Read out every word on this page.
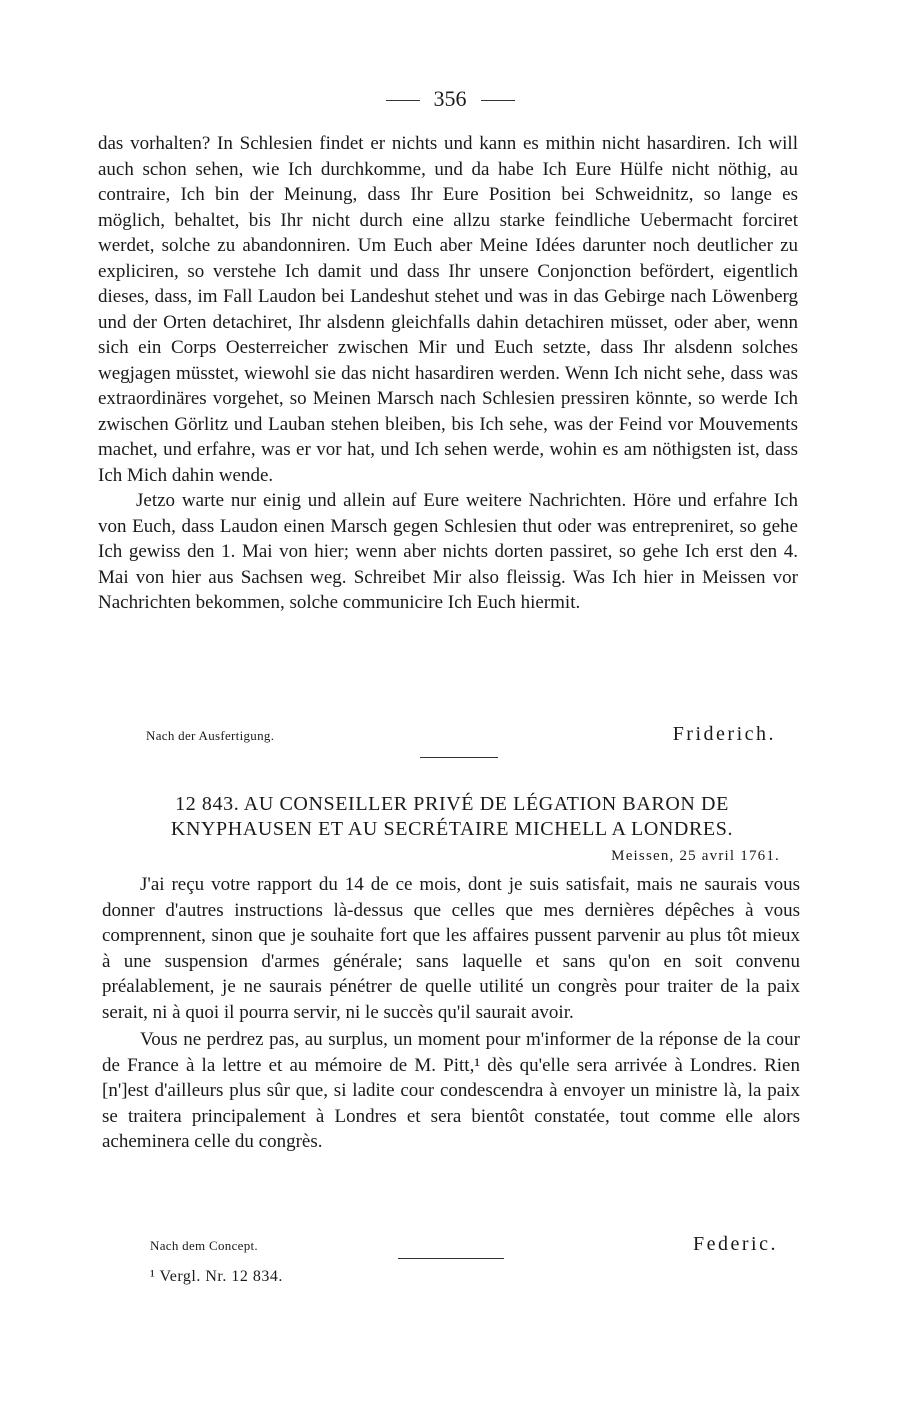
356

das vorhalten? In Schlesien findet er nichts und kann es mithin nicht hasardiren. Ich will auch schon sehen, wie Ich durchkomme, und da habe Ich Eure Hülfe nicht nöthig, au contraire, Ich bin der Meinung, dass Ihr Eure Position bei Schweidnitz, so lange es möglich, behaltet, bis Ihr nicht durch eine allzu starke feindliche Uebermacht forciret werdet, solche zu abandonniren. Um Euch aber Meine Idées darunter noch deutlicher zu expliciren, so verstehe Ich damit und dass Ihr unsere Conjonction befördert, eigentlich dieses, dass, im Fall Laudon bei Landeshut stehet und was in das Gebirge nach Löwenberg und der Orten detachiret, Ihr alsdenn gleichfalls dahin detachiren müsset, oder aber, wenn sich ein Corps Oesterreicher zwischen Mir und Euch setzte, dass Ihr alsdenn solches wegjagen müsstet, wiewohl sie das nicht hasardiren werden. Wenn Ich nicht sehe, dass was extraordinäres vorgehet, so Meinen Marsch nach Schlesien pressiren könnte, so werde Ich zwischen Görlitz und Lauban stehen bleiben, bis Ich sehe, was der Feind vor Mouvements machet, und erfahre, was er vor hat, und Ich sehen werde, wohin es am nöthigsten ist, dass Ich Mich dahin wende.

Jetzo warte nur einig und allein auf Eure weitere Nachrichten. Höre und erfahre Ich von Euch, dass Laudon einen Marsch gegen Schlesien thut oder was entrepreniret, so gehe Ich gewiss den 1. Mai von hier; wenn aber nichts dorten passiret, so gehe Ich erst den 4. Mai von hier aus Sachsen weg. Schreibet Mir also fleissig. Was Ich hier in Meissen vor Nachrichten bekommen, solche communicire Ich Euch hiermit.

Nach der Ausfertigung.	Friderich.
12 843. AU CONSEILLER PRIVÉ DE LÉGATION BARON DE
KNYPHAUSEN ET AU SECRÉTAIRE MICHELL A LONDRES.
Meissen, 25 avril 1761.

J'ai reçu votre rapport du 14 de ce mois, dont je suis satisfait, mais ne saurais vous donner d'autres instructions là-dessus que celles que mes dernières dépêches à vous comprennent, sinon que je souhaite fort que les affaires pussent parvenir au plus tôt mieux à une suspension d'armes générale; sans laquelle et sans qu'on en soit convenu préalablement, je ne saurais pénétrer de quelle utilité un congrès pour traiter de la paix serait, ni à quoi il pourra servir, ni le succès qu'il saurait avoir.

Vous ne perdrez pas, au surplus, un moment pour m'informer de la réponse de la cour de France à la lettre et au mémoire de M. Pitt,¹ dès qu'elle sera arrivée à Londres. Rien [n']est d'ailleurs plus sûr que, si ladite cour condescendra à envoyer un ministre là, la paix se traitera principalement à Londres et sera bientôt constatée, tout comme elle alors acheminera celle du congrès.

Nach dem Concept.	Federic.
¹ Vergl. Nr. 12 834.
